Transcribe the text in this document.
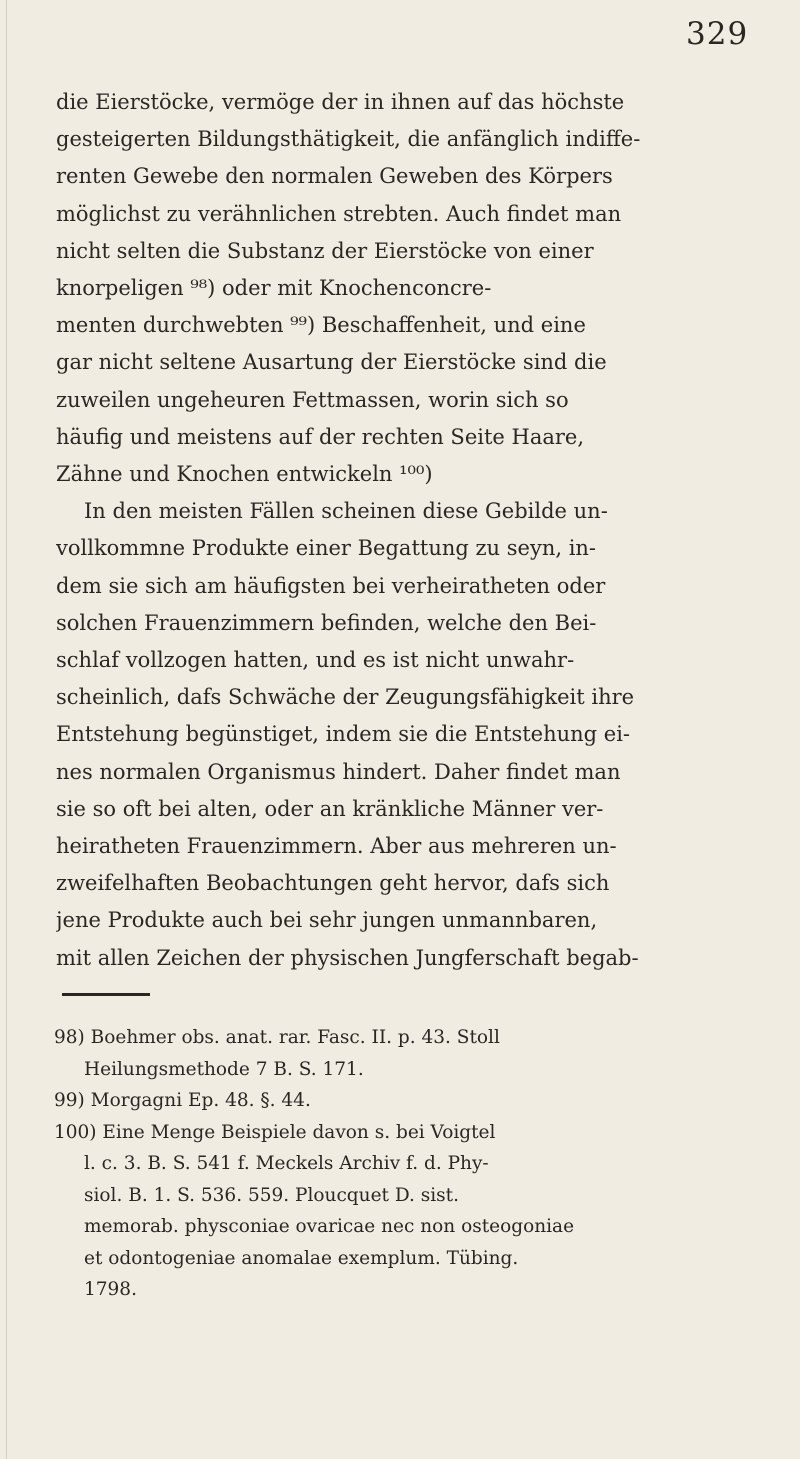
329
die Eierstöcke, vermöge der in ihnen auf das höchste
gesteigerten Bildungsthätigkeit, die anfänglich indiffe-
renten Gewebe den normalen Geweben des Körpers
möglichst zu verähnlichen strebten. Auch findet man
nicht selten die Substanz der Eierstöcke von einer
knorpeligen ⁹⁸) oder mit Knochenconcre-
menten durchwebten ⁹⁹) Beschaffenheit, und eine
gar nicht seltene Ausartung der Eierstöcke sind die
zuweilen ungeheuren Fettmassen, worin sich so
häufig und meistens auf der rechten Seite Haare,
Zähne und Knochen entwickeln ¹⁰⁰)
In den meisten Fällen scheinen diese Gebilde un-
vollkommne Produkte einer Begattung zu seyn, in-
dem sie sich am häufigsten bei verheiratheten oder
solchen Frauenzimmern befinden, welche den Bei-
schlaf vollzogen hatten, und es ist nicht unwahr-
scheinlich, dafs Schwäche der Zeugungsfähigkeit ihre
Entstehung begünstiget, indem sie die Entstehung ei-
nes normalen Organismus hindert. Daher findet man
sie so oft bei alten, oder an kränkliche Männer ver-
heiratheten Frauenzimmern. Aber aus mehreren un-
zweifelhaften Beobachtungen geht hervor, dafs sich
jene Produkte auch bei sehr jungen unmannbaren,
mit allen Zeichen der physischen Jungferschaft begab-
98) Boehmer obs. anat. rar. Fasc. II. p. 43. Stoll
Heilungsmethode 7 B. S. 171.
99) Morgagni Ep. 48. §. 44.
100) Eine Menge Beispiele davon s. bei Voigtel
l. c. 3. B. S. 541 f. Meckels Archiv f. d. Phy-
siol. B. 1. S. 536. 559. Ploucquet D. sist.
memorab. physconiae ovaricae nec non osteogoniae
et odontogeniae anomalae exemplum. Tübing.
1798.
